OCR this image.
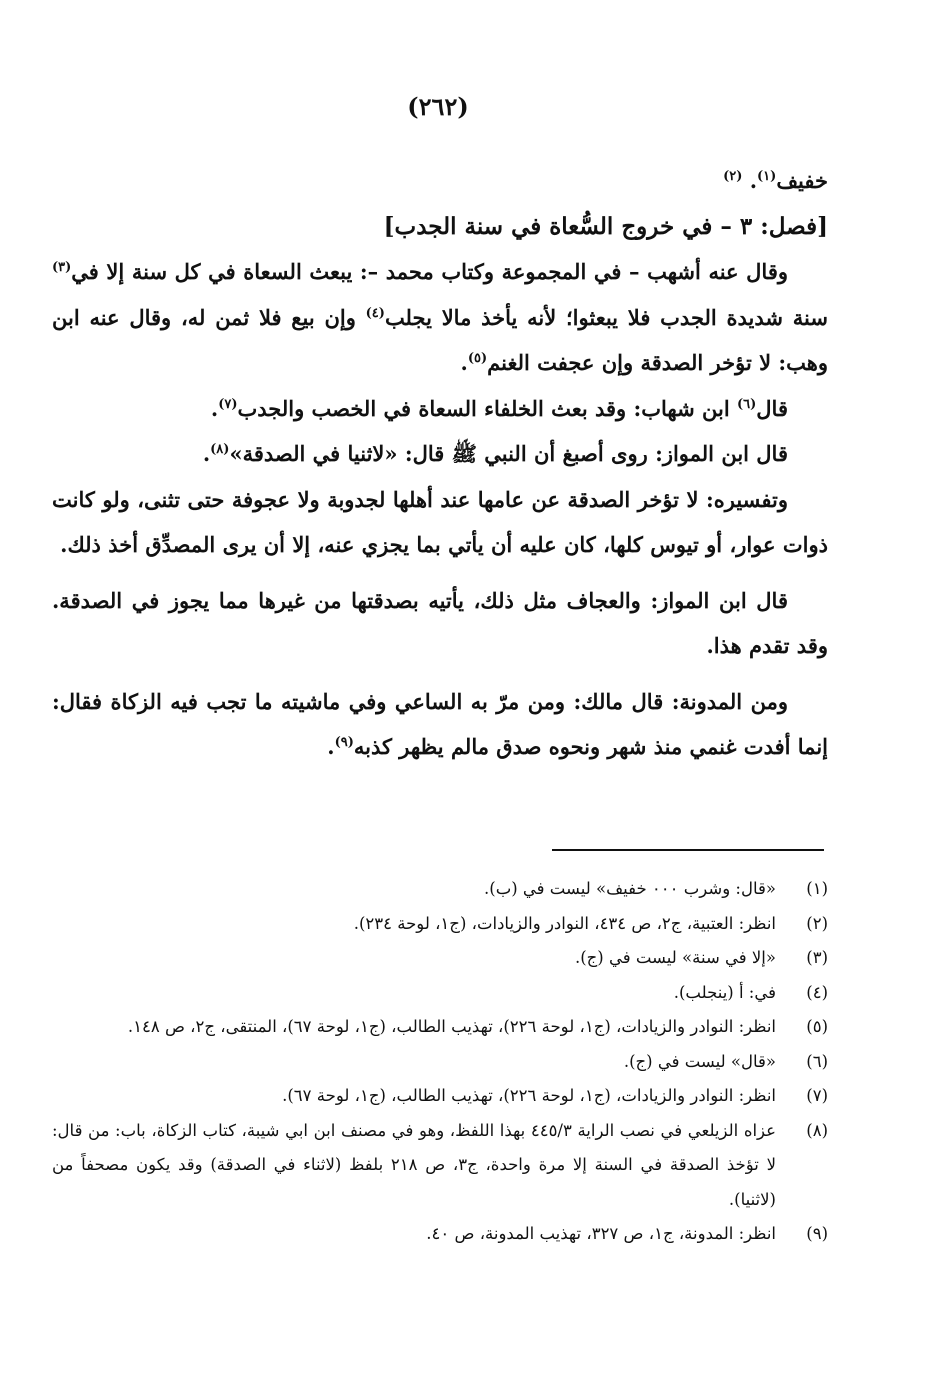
(٢٦٢)

خفيف$^{(١)}$. $^{(٢)}$

[فصل: ٣ – في خروج السُّعاة في سنة الجدب]

وقال عنه أشهب – في المجموعة وكتاب محمد –: يبعث السعاة في كل سنة إلا في$^{(٣)}$ سنة شديدة الجدب فلا يبعثوا؛ لأنه يأخذ مالا يجلب$^{(٤)}$ وإن بيع فلا ثمن له، وقال عنه ابن وهب: لا تؤخر الصدقة وإن عجفت الغنم$^{(٥)}$.

قال$^{(٦)}$ ابن شهاب: وقد بعث الخلفاء السعاة في الخصب والجدب$^{(٧)}$.

قال ابن المواز: روى أصبغ أن النبي ﷺ قال: «لاثنيا في الصدقة»$^{(٨)}$.

وتفسيره: لا تؤخر الصدقة عن عامها عند أهلها لجدوبة ولا عجوفة حتى تثنى، ولو كانت ذوات عوار، أو تيوس كلها، كان عليه أن يأتي بما يجزي عنه، إلا أن يرى المصدِّق أخذ ذلك.

قال ابن المواز: والعجاف مثل ذلك، يأتيه بصدقتها من غيرها مما يجوز في الصدقة. وقد تقدم هذا.

ومن المدونة: قال مالك: ومن مرّ به الساعي وفي ماشيته ما تجب فيه الزكاة فقال: إنما أفدت غنمي منذ شهر ونحوه صدق مالم يظهر كذبه$^{(٩)}$.

(١)
«قال: وشرب ٠٠٠ خفيف» ليست في (ب).
(٢)
انظر: العتبية، ج٢، ص ٤٣٤، النوادر والزيادات، (ج١، لوحة ٢٣٤).
(٣)
«إلا في سنة» ليست في (ج).
(٤)
في: أ (ينجلب).
(٥)
انظر: النوادر والزيادات، (ج١، لوحة ٢٢٦)، تهذيب الطالب، (ج١، لوحة ٦٧)، المنتقى، ج٢، ص ١٤٨.
(٦)
«قال» ليست في (ج).
(٧)
انظر: النوادر والزيادات، (ج١، لوحة ٢٢٦)، تهذيب الطالب، (ج١، لوحة ٦٧).
(٨)
عزاه الزيلعي في نصب الراية ٤٤٥/٣ بهذا اللفظ، وهو في مصنف ابن ابي شيبة، كتاب الزكاة، باب: من قال: لا تؤخذ الصدقة في السنة إلا مرة واحدة، ج٣، ص ٢١٨ بلفظ (لاثناء في الصدقة) وقد يكون مصحفاً من (لاثنيا).
(٩)
انظر: المدونة، ج١، ص ٣٢٧، تهذيب المدونة، ص ٤٠.
